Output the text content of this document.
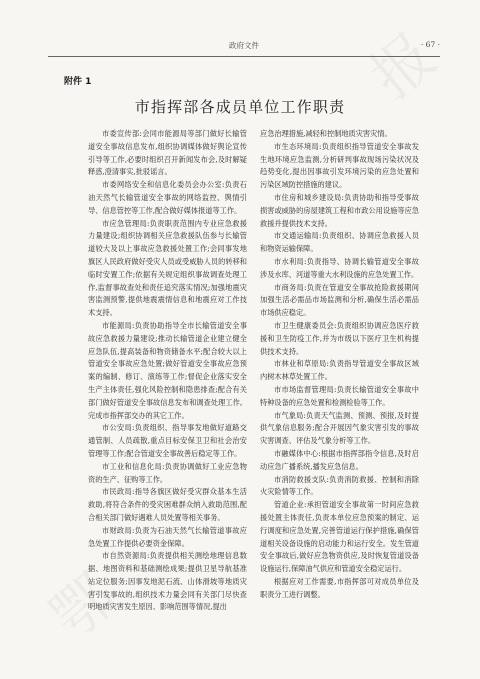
政府文件	· 67 ·
附件 1
市指挥部各成员单位工作职责

市委宣传部:会同市能源局等部门做好长输管道安全事故信息发布,组织协调媒体做好舆论宣传引导等工作,必要时组织召开新闻发布会,及时解疑释惑,澄清事实,批驳谣言。

市委网络安全和信息化委员会办公室:负责石油天然气长输管道安全事故的网络监控、舆情引导、信息管控等工作,配合做好媒体报道等工作。

市应急管理局:负责职责范围内专业应急救援力量建设;组织协调相关应急救援队伍参与长输管道较大及以上事故应急救援处置工作;会同事发地旗区人民政府做好受灾人员或受威胁人员的转移和临时安置工作;依据有关规定组织事故调查处理工作,监督事故查处和责任追究落实情况;加强地震灾害监测预警,提供地震震情信息和地震应对工作技术支持。

市能源局:负责协助指导全市长输管道安全事故应急救援力量建设;推动长输管道企业建立健全应急队伍,提高装备和物资储备水平;配合较大以上管道安全事故应急处置;做好管道安全事故应急预案的编制、修订、演练等工作;督促企业落实安全生产主体责任,强化风险控制和隐患排查;配合有关部门做好管道安全事故信息发布和调查处理工作。完成市指挥部交办的其它工作。

市公安局:负责组织、指导事发地做好道路交通管制、人员疏散,重点目标安保卫卫和社会治安管理等工作;配合管道安全事故善后稳定等工作。

市工业和信息化局:负责协调做好工业应急物资的生产、征购等工作。

市民政局:指导各旗区做好受灾群众基本生活救助,将符合条件的受灾困难群众纳入救助范围,配合相关部门做好遇难人员处置等相关事务。

市财政局:负责为石油天然气长输管道事故应急处置工作提供必要资金保障。

市自然资源局:负责提供相关测绘地理信息数据、地图资料和基础测绘成果;提供卫星导航基准站定位服务;因事发地泥石流、山体滑坡等地质灾害引发事故的,组织技术力量会同有关部门尽快查明地质灾害发生原因、影响范围等情况,提出

应急治理措施,减轻和控制地质灾害灾情。

市生态环境局:负责组织指导管道安全事故发生地环境应急监测,分析研判事故现场污染状况及趋势变化,提出因事故引发环境污染的应急处置和污染区域防控措施的建议。

市住房和城乡建设局:负责协助和指导受事故损害或威胁的房屋建筑工程和市政公用设施等应急救援并提供技术支持。

市交通运输局:负责组织、协调应急救援人员和物资运输保障。

市水利局:负责指导、协调长输管道安全事故涉及水库、河道等重大水利设施的应急处置工作。

市商务局:负责在管道安全事故抢险救援期间加强生活必需品市场监测和分析,确保生活必需品市场供应稳定。

市卫生健康委员会:负责组织协调应急医疗救援和卫生防疫工作,并为市级以下医疗卫生机构提供技术支持。

市林业和草原局:负责指导管道安全事故区域内树木林草处置工作。

市市场监督管理局:负责长输管道安全事故中特种设备的应急处置和检测检验等工作。

市气象局:负责天气监测、预测、预报,及时提供气象信息服务;配合开展因气象灾害引发的事故灾害调查、评估及气象分析等工作。

市融媒体中心:根据市指挥部指令信息,及时启动应急广播系统,播发应急信息。

市消防救援支队:负责消防救援、控制和消除火灾险情等工作。

管道企业:承担管道安全事故第一时间应急救援处置主体责任,负责本单位应急预案的制定、运行调度和应急处置,完善管道运行保护措施,确保管道相关设备设施的启动能力和运行安全。发生管道安全事故后,做好应急物资供应,及时恢复管道设备设施运行,保障油气供应和管道安全稳定运行。

根据应对工作需要,市指挥部可对成员单位及职责分工进行调整。
